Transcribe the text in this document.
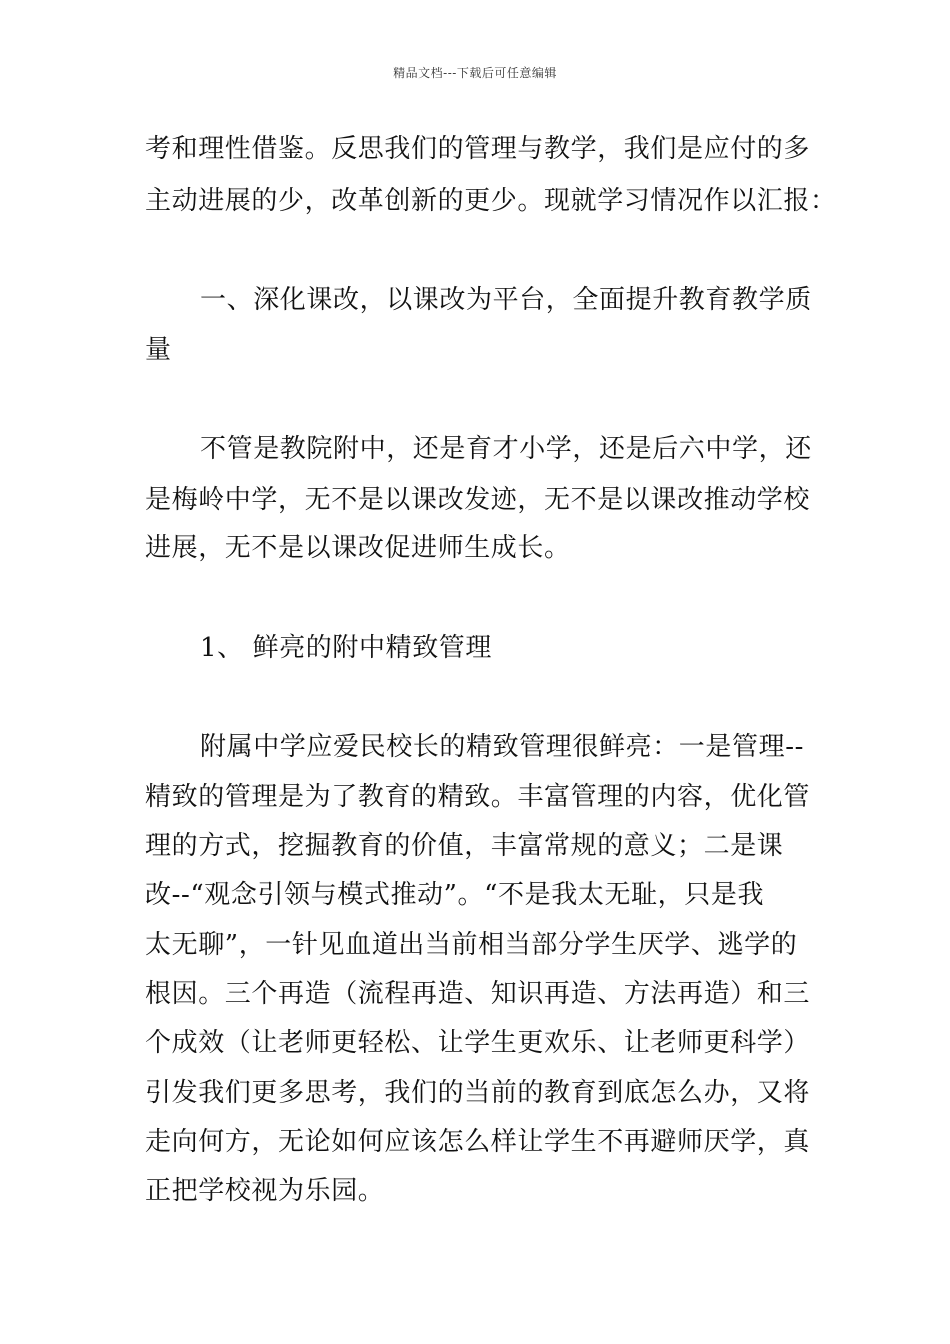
精品文档---下载后可任意编辑
考和理性借鉴。反思我们的管理与教学，我们是应付的多
主动进展的少，改革创新的更少。现就学习情况作以汇报：
一、深化课改，以课改为平台，全面提升教育教学质
量
不管是教院附中，还是育才小学，还是后六中学，还
是梅岭中学，无不是以课改发迹，无不是以课改推动学校
进展，无不是以课改促进师生成长。
1、 鲜亮的附中精致管理
附属中学应爱民校长的精致管理很鲜亮：一是管理--
精致的管理是为了教育的精致。丰富管理的内容，优化管
理的方式，挖掘教育的价值，丰富常规的意义；二是课
改--“观念引领与模式推动”。“不是我太无耻，只是我
太无聊”，一针见血道出当前相当部分学生厌学、逃学的
根因。三个再造（流程再造、知识再造、方法再造）和三
个成效（让老师更轻松、让学生更欢乐、让老师更科学）
引发我们更多思考，我们的当前的教育到底怎么办，又将
走向何方，无论如何应该怎么样让学生不再避师厌学，真
正把学校视为乐园。
